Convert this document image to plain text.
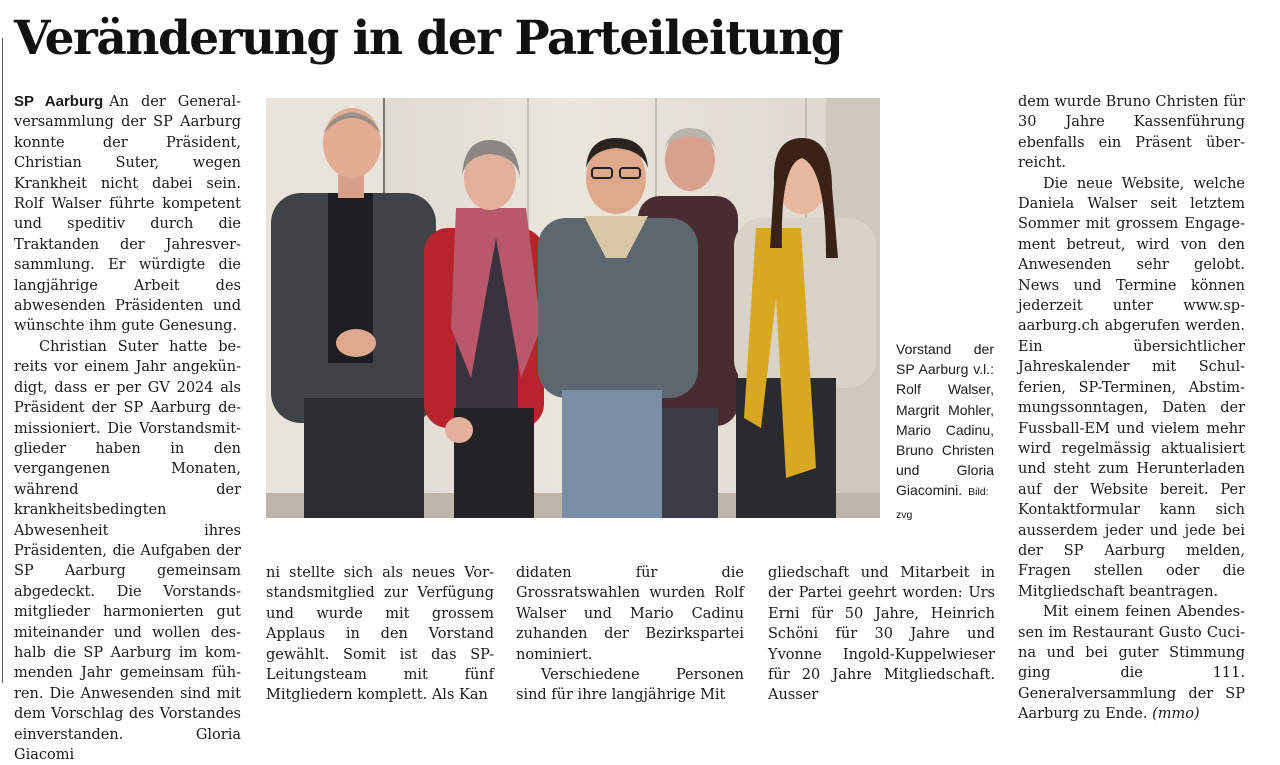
Veränderung in der Parteileitung

SP Aarburg An der Generalversammlung der SP Aarburg konnte der Präsident, Christian Suter, wegen Krankheit nicht dabei sein. Rolf Walser führte kompetent und speditiv durch die Traktanden der Jahresversammlung. Er würdigte die langjährige Arbeit des abwesenden Präsidenten und wünschte ihm gute Genesung.

Christian Suter hatte bereits vor einem Jahr angekündigt, dass er per GV 2024 als Präsident der SP Aarburg demissioniert. Die Vorstandsmitglieder haben in den vergangenen Monaten, während der krankheitsbedingten Abwesenheit ihres Präsidenten, die Aufgaben der SP Aarburg gemeinsam abgedeckt. Die Vorstandsmitglieder harmonierten gut miteinander und wollen deshalb die SP Aarburg im kommenden Jahr gemeinsam führen. Die Anwesenden sind mit dem Vorschlag des Vorstandes einverstanden. Gloria Giacomi

Vorstand der SP Aarburg v.l.: Rolf Walser, Margrit Mohler, Mario Cadinu, Bruno Christen und Gloria Giacomini. Bild: zvg

ni stellte sich als neues Vorstandsmitglied zur Verfügung und wurde mit grossem Applaus in den Vorstand gewählt. Somit ist das SP-Leitungsteam mit fünf Mitgliedern komplett. Als Kan

didaten für die Grossratswahlen wurden Rolf Walser und Mario Cadinu zuhanden der Bezirkspartei nominiert.

Verschiedene Personen sind für ihre langjährige Mit

gliedschaft und Mitarbeit in der Partei geehrt worden: Urs Erni für 50 Jahre, Heinrich Schöni für 30 Jahre und Yvonne Ingold-Kuppelwieser für 20 Jahre Mitgliedschaft. Ausser

dem wurde Bruno Christen für 30 Jahre Kassenführung ebenfalls ein Präsent überreicht.

Die neue Website, welche Daniela Walser seit letztem Sommer mit grossem Engagement betreut, wird von den Anwesenden sehr gelobt. News und Termine können jederzeit unter www.sp-aarburg.ch abgerufen werden. Ein übersichtlicher Jahreskalender mit Schulferien, SP-Terminen, Abstimmungssonntagen, Daten der Fussball-EM und vielem mehr wird regelmässig aktualisiert und steht zum Herunterladen auf der Website bereit. Per Kontaktformular kann sich ausserdem jeder und jede bei der SP Aarburg melden, Fragen stellen oder die Mitgliedschaft beantragen.

Mit einem feinen Abendessen im Restaurant Gusto Cucina und bei guter Stimmung ging die 111. Generalversammlung der SP Aarburg zu Ende. (mmo)
